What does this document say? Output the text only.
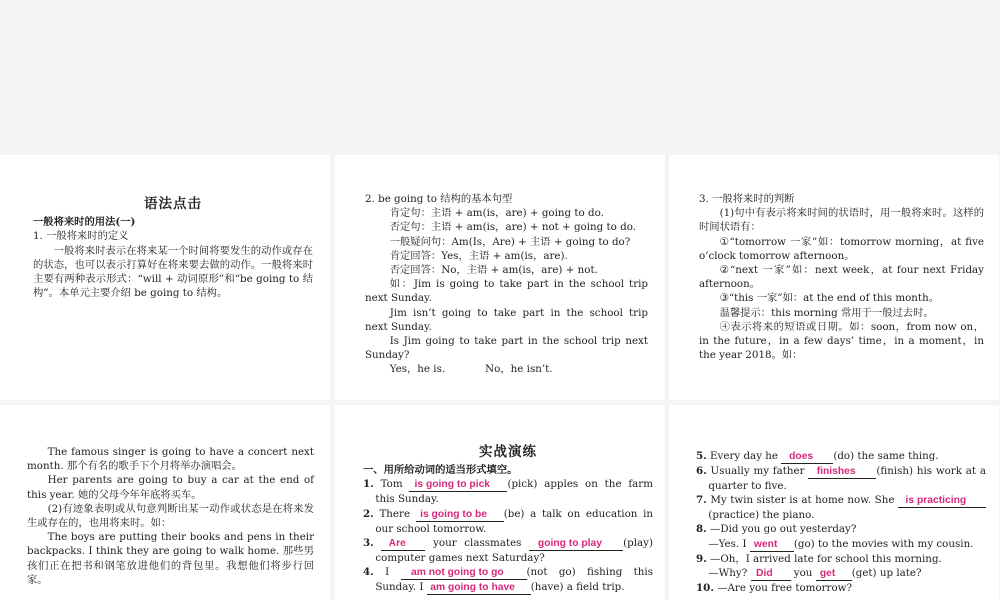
语法点击

一般将来时的用法(一)

1. 一般将来时的定义

一般将来时表示在将来某一个时间将要发生的动作或存在的状态，也可以表示打算好在将来要去做的动作。一般将来时主要有两种表示形式：“will + 动词原形”和“be going to 结构”。本单元主要介绍 be going to 结构。

2. be going to 结构的基本句型

肯定句：主语 + am(is，are) + going to do.

否定句：主语 + am(is，are) + not + going to do.

一般疑问句：Am(Is，Are) + 主语 + going to do?

肯定回答：Yes，主语 + am(is，are).

否定回答：No，主语 + am(is，are) + not.

如：Jim is going to take part in the school trip next Sunday.

Jim isn’t going to take part in the school trip next Sunday.

Is Jim going to take part in the school trip next Sunday?

Yes，he is.	No，he isn’t.

3. 一般将来时的判断

(1)句中有表示将来时间的状语时，用一般将来时。这样的时间状语有：

①“tomorrow 一家”如：tomorrow morning，at five o’clock tomorrow afternoon。

②“next 一家”如：next week，at four next Friday afternoon。

③“this 一家”如：at the end of this month。

温馨提示：this morning 常用于一般过去时。

④表示将来的短语或日期。如：soon，from now on，in the future，in a few days’ time，in a moment，in the year 2018。如：

The famous singer is going to have a concert next month. 那个有名的歌手下个月将举办演唱会。

Her parents are going to buy a car at the end of this year. 她的父母今年年底将买车。

(2)有迹象表明或从句意判断出某一动作或状态是在将来发生或存在的，也用将来时。如：

The boys are putting their books and pens in their backpacks. I think they are going to walk home. 那些男孩们正在把书和钢笔放进他们的背包里。我想他们将步行回家。

实战演练

一、用所给动词的适当形式填空。

1. Tom is going to pick (pick) apples on the farm this Sunday.

2. There is going to be (be) a talk on education in our school tomorrow.

3. Are	your classmates going to play (play) computer games next Saturday?

4. I am not going to go (not go) fishing this Sunday. I am going to have (have) a field trip.

5. Every day he does (do) the same thing.

6. Usually my father finishes (finish) his work at a quarter to five.

7. My twin sister is at home now. She is practicing(practice) the piano.

8. —Did you go out yesterday?
—Yes. I went (go) to the movies with my cousin.

9. —Oh，I arrived late for school this morning.
—Why? Did you get (get) up late?

10. —Are you free tomorrow?
